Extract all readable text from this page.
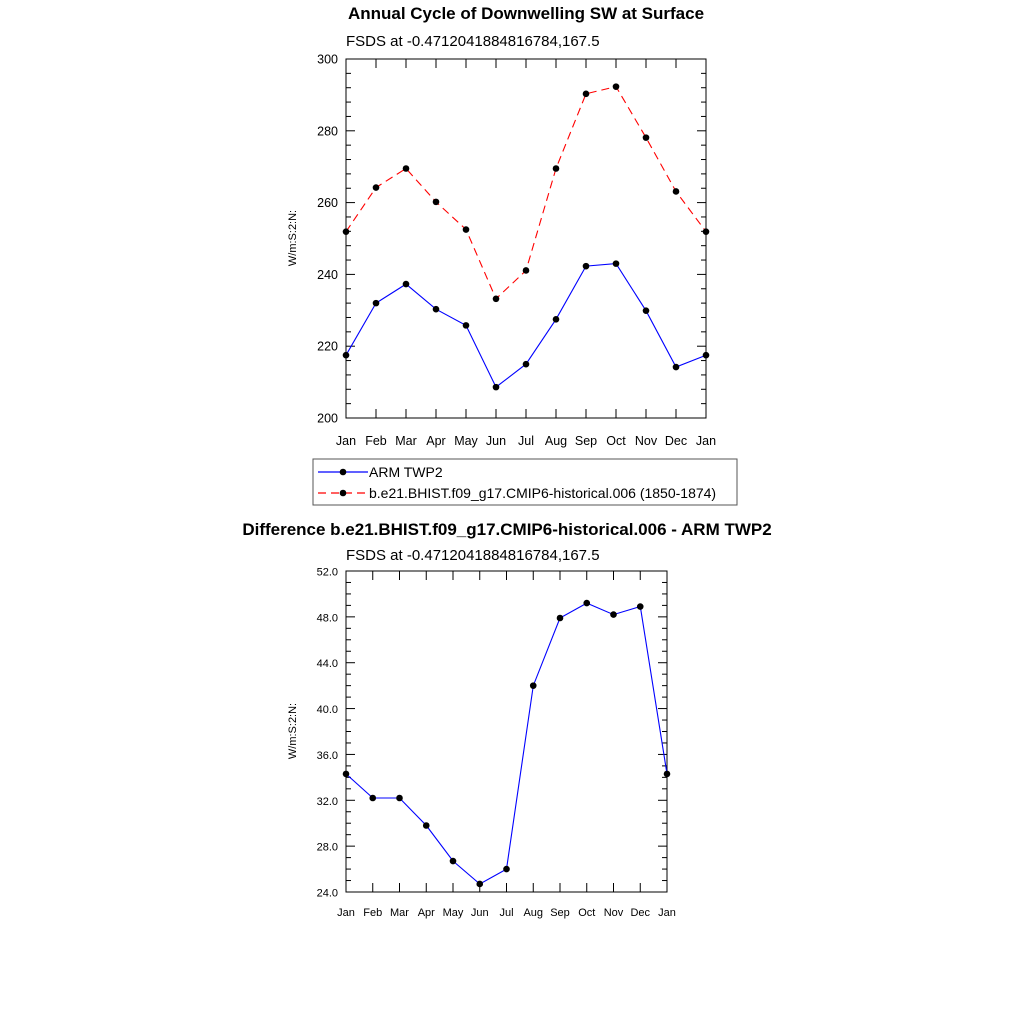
Annual Cycle of Downwelling SW at Surface
FSDS at -0.4712041884816784,167.5
W/m:S:2:N:
Jan Feb Mar Apr May Jun Jul Aug Sep Oct Nov Dec Jan
200
220
240
260
280
300
ARM TWP2
b.e21.BHIST.f09_g17.CMIP6-historical.006 (1850-1874)
Difference b.e21.BHIST.f09_g17.CMIP6-historical.006 - ARM TWP2
FSDS at -0.4712041884816784,167.5
W/m:S:2:N:
Jan Feb Mar Apr May Jun Jul Aug Sep Oct Nov Dec Jan
24.0
28.0
32.0
36.0
40.0
44.0
48.0
52.0
